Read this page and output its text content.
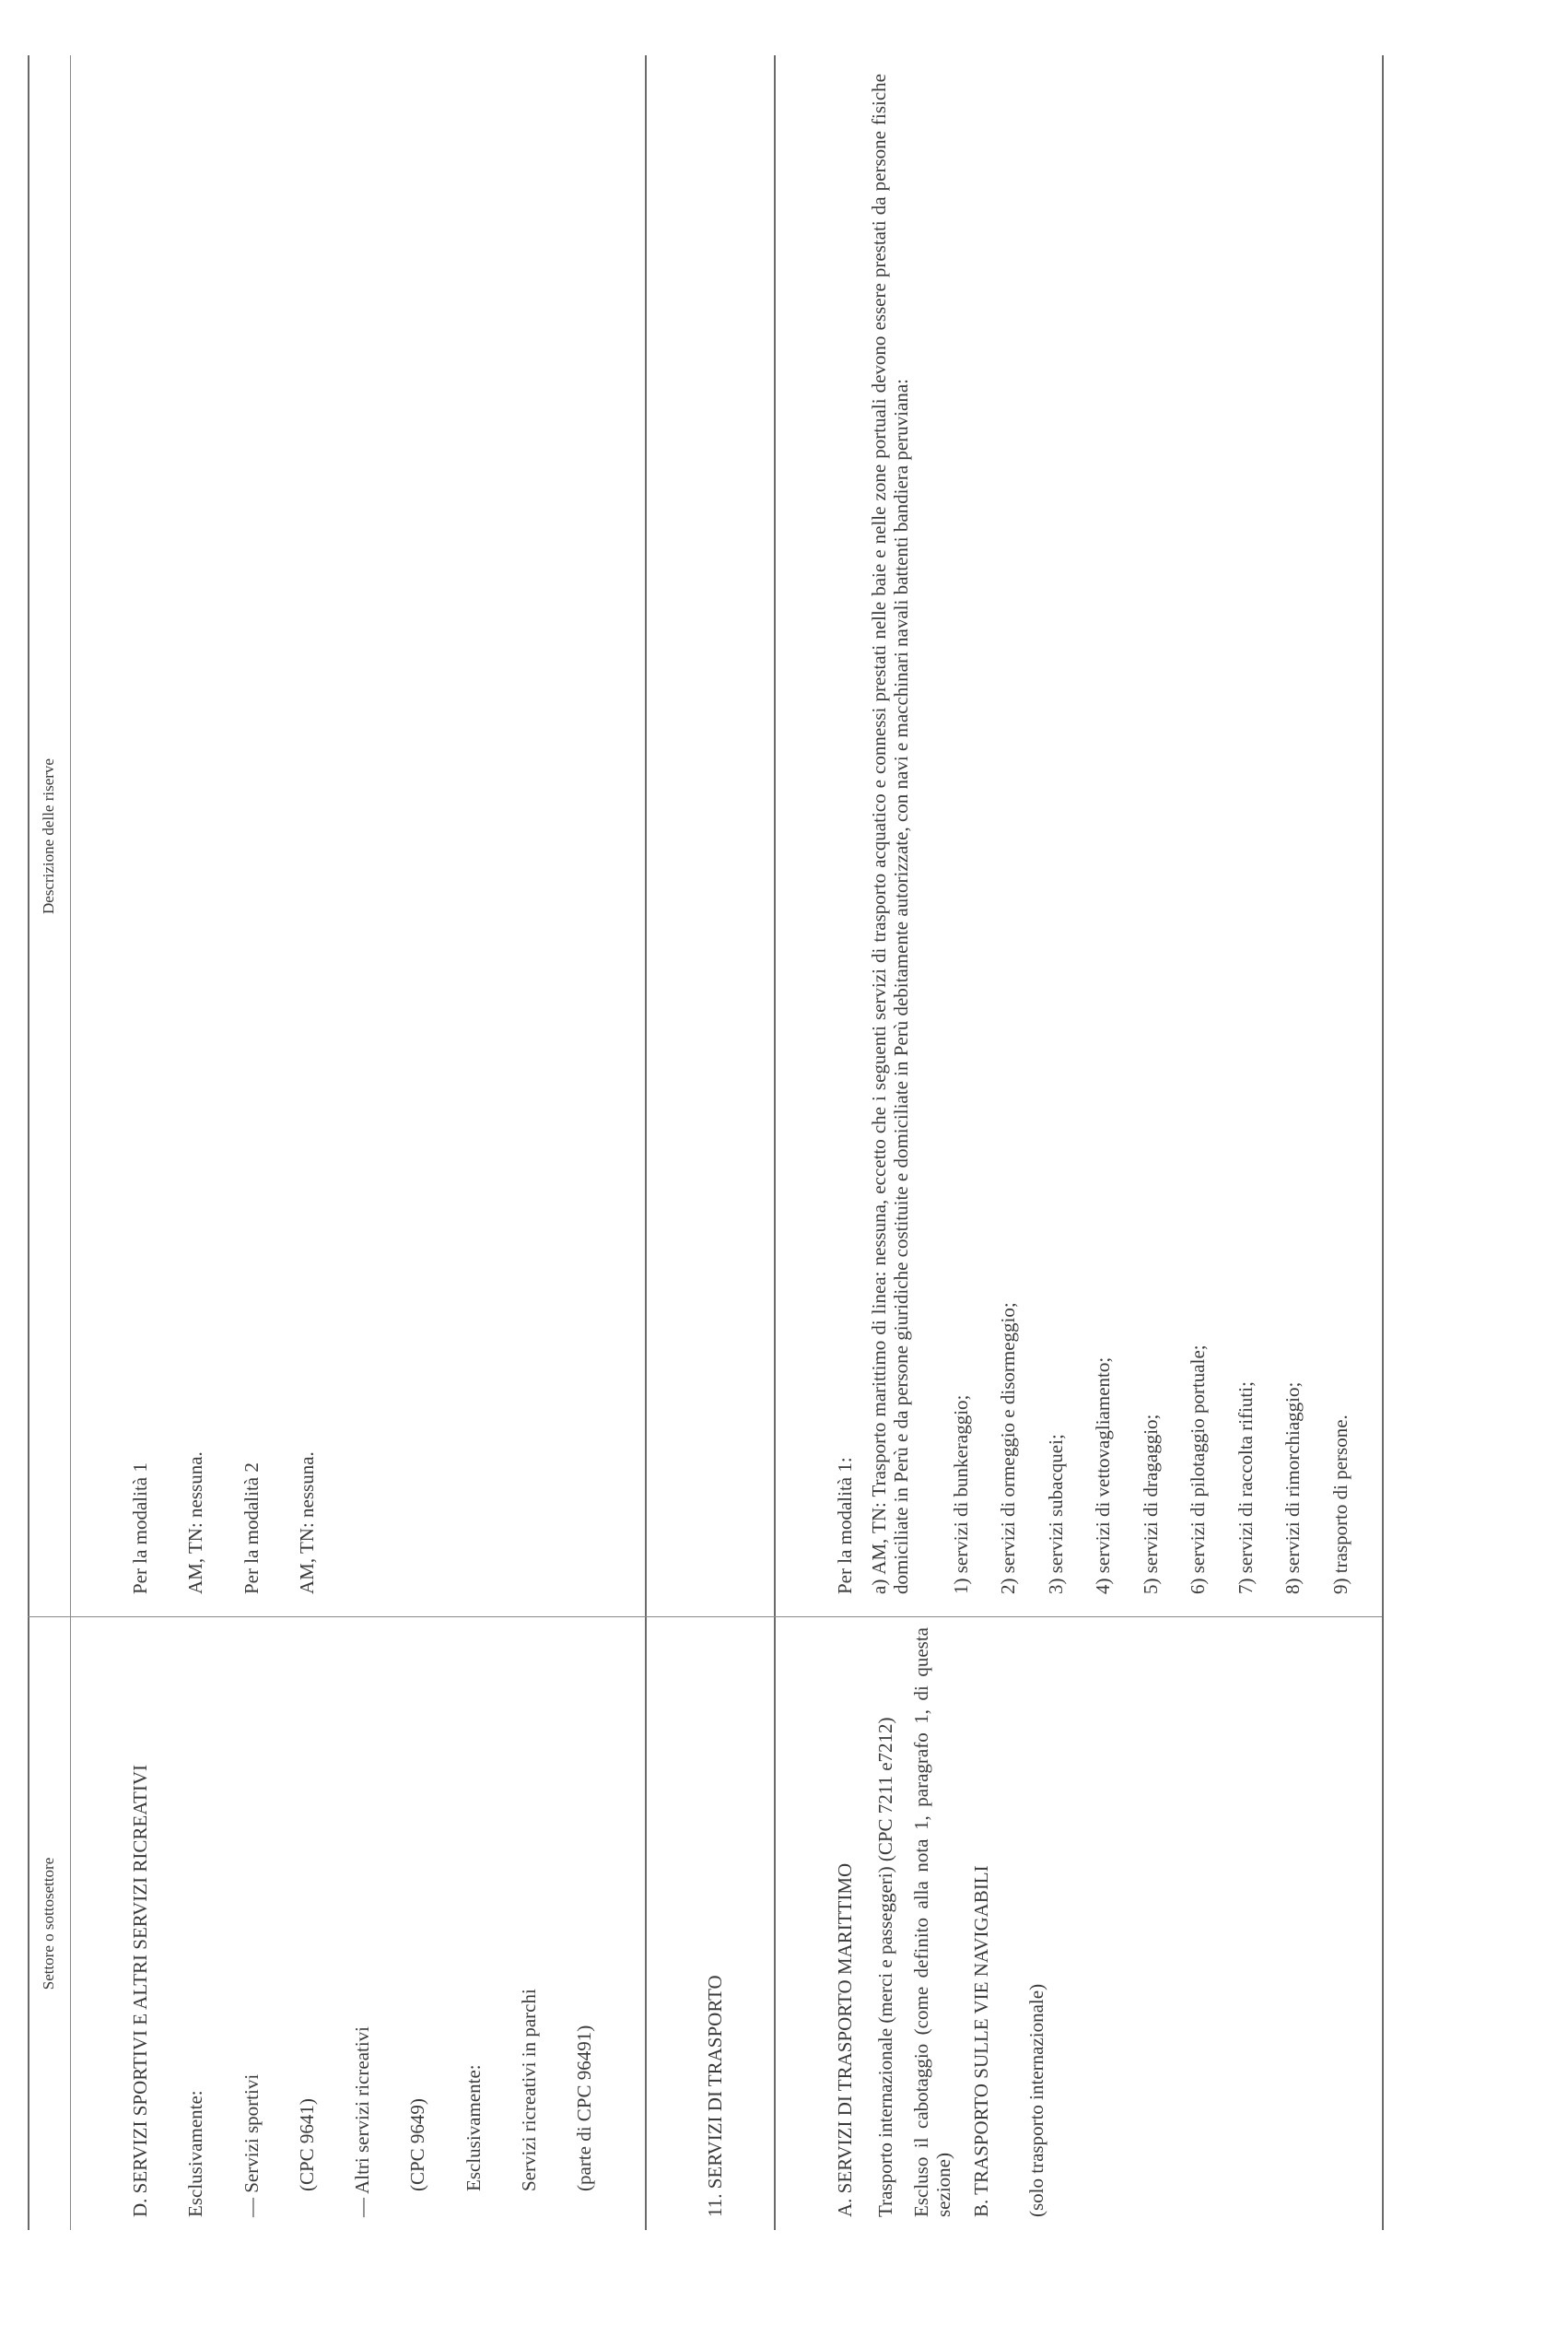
Settore o sottosettore
Descrizione delle riserve
D. SERVIZI SPORTIVI E ALTRI SERVIZI RICREATIVI Esclusivamente: — Servizi sportivi (CPC 9641) — Altri servizi ricreativi (CPC 9649) Esclusivamente: Servizi ricreativi in parchi (parte di CPC 96491)
Per la modalità 1 AM, TN: nessuna. Per la modalità 2 AM, TN: nessuna.
11. SERVIZI DI TRASPORTO	A. SERVIZI DI TRASPORTO MARITTIMO Trasporto internazionale (merci e passeggeri) (CPC 7211 e7212) Escluso il cabotaggio (come definito alla nota 1, paragrafo 1, di questa sezione) B. TRASPORTO SULLE VIE NAVIGABILI (solo trasporto internazionale)
Per la modalità 1: a) AM, TN: Trasporto marittimo di linea: nessuna, eccetto che i seguenti servizi di trasporto acquatico e connessi prestati nelle baie e nelle zone portuali devono essere prestati da persone fisiche domiciliate in Perù e da persone giuridiche costituite e domiciliate in Perù debitamente autorizzate, con navi e macchinari navali battenti bandiera peruviana: 1) servizi di bunkeraggio; 2) servizi di ormeggio e disormeggio; 3) servizi subacquei; 4) servizi di vettovagliamento; 5) servizi di dragaggio; 6) servizi di pilotaggio portuale; 7) servizi di raccolta rifiuti; 8) servizi di rimorchiaggio; 9) trasporto di persone.
